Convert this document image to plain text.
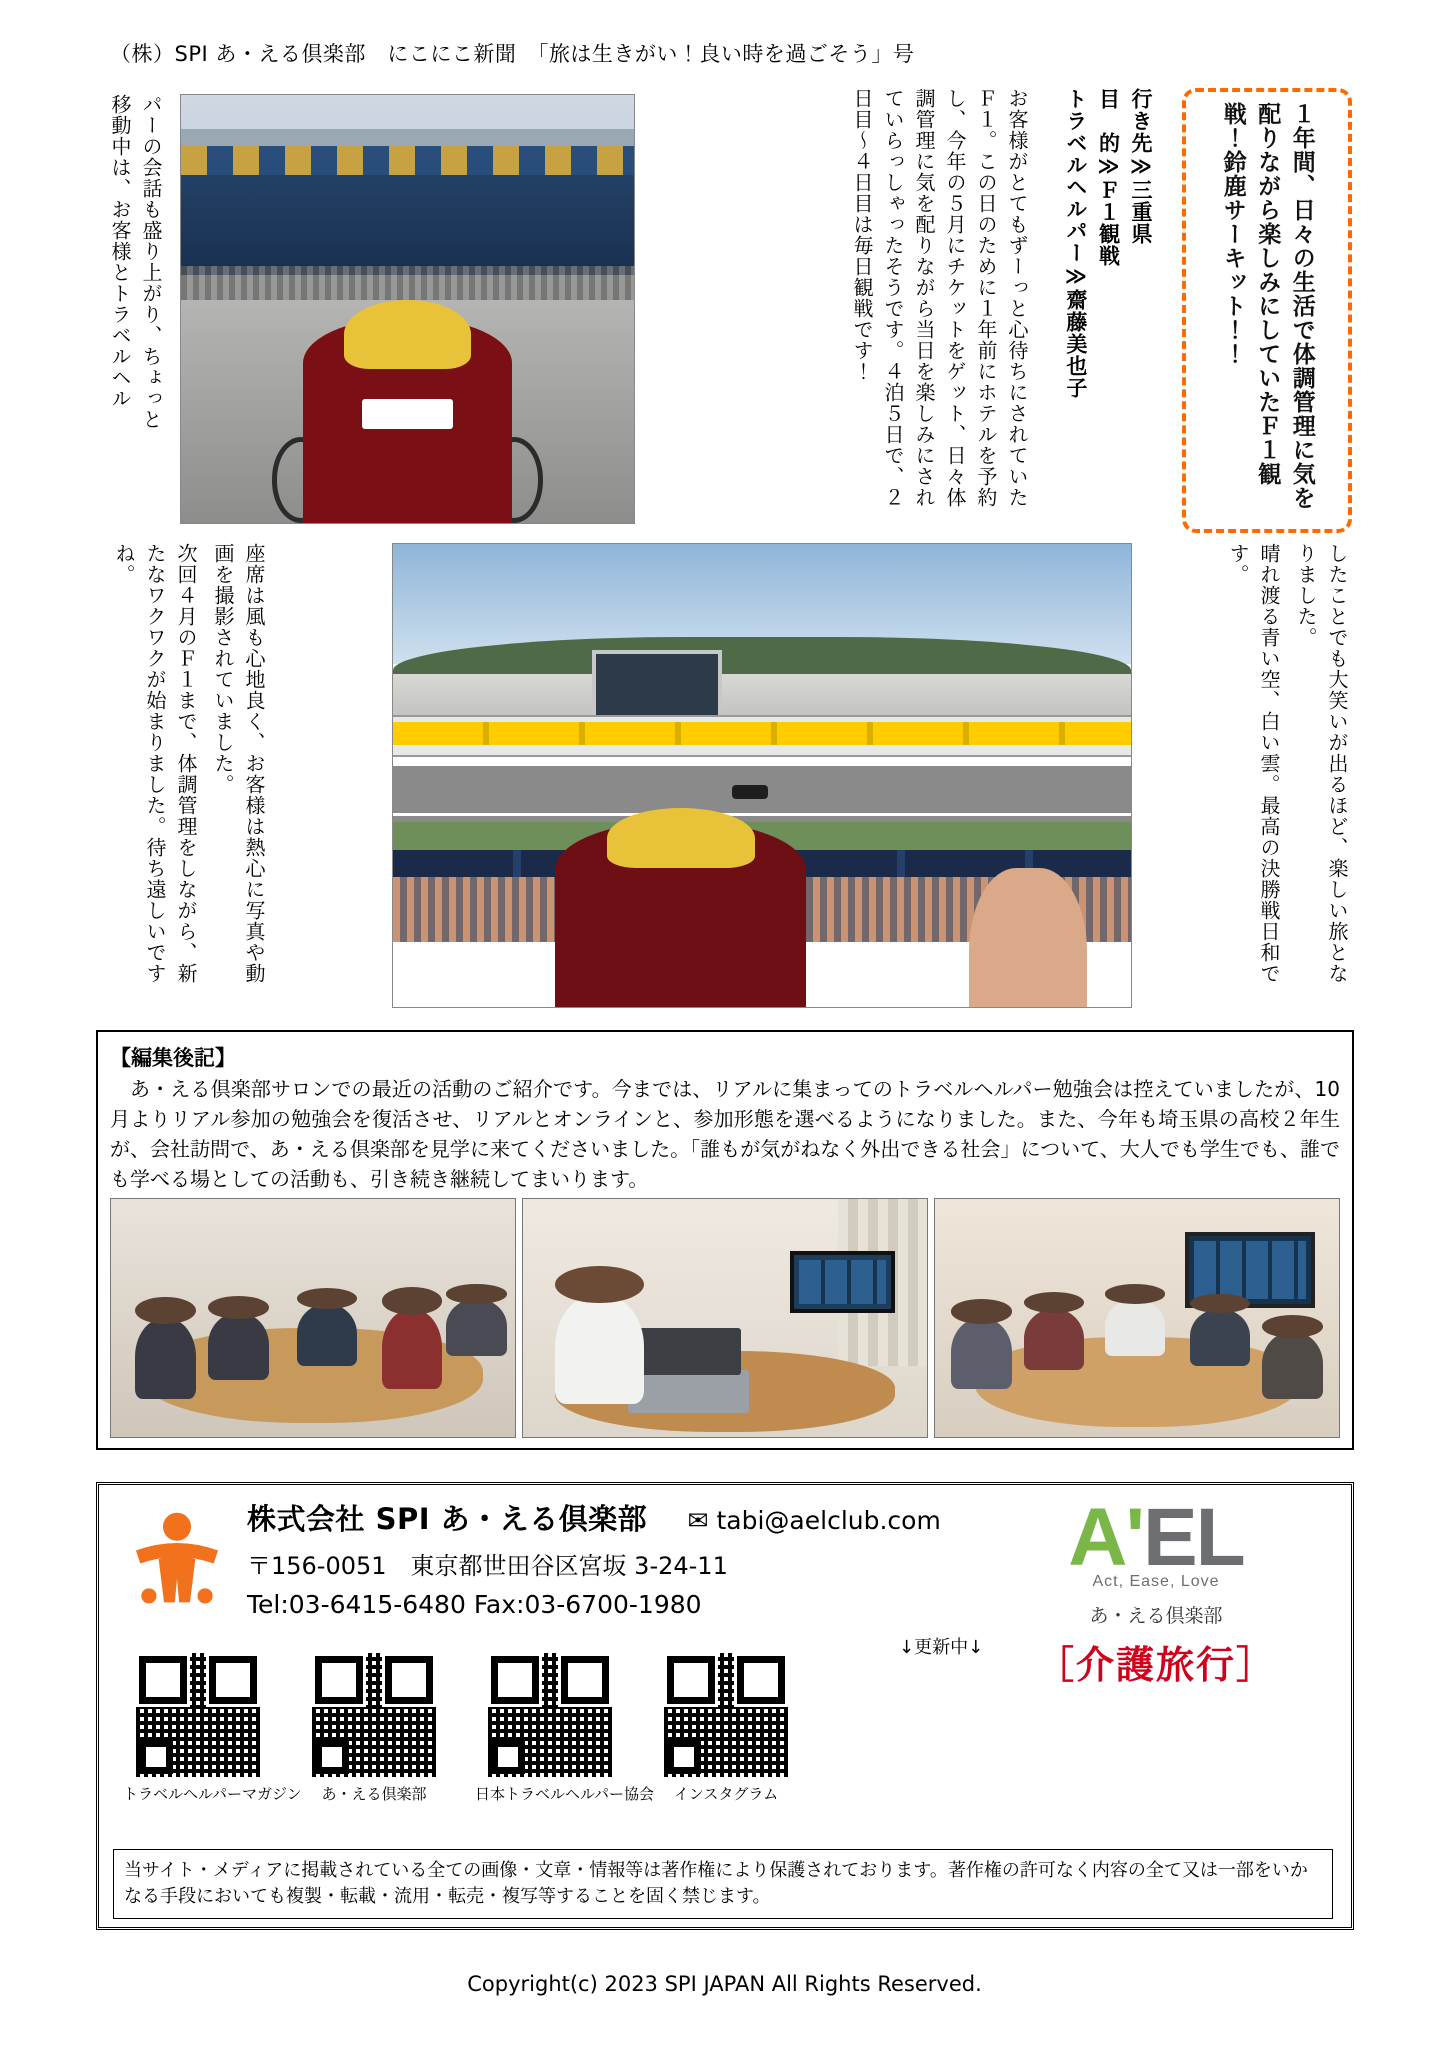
（株）SPI あ・える倶楽部　にこにこ新聞　「旅は生きがい！良い時を過ごそう」号
１年間、日々の生活で体調管理に気を配りながら楽しみにしていたＦ１観戦！鈴鹿サーキット！！
トラベルヘルパー≫齋藤美也子 目　的≫Ｆ１観戦 行き先≫三重県
お客様がとてもずーっと心待ちにされていたＦ１。この日のために１年前にホテルを予約し、今年の５月にチケットをゲット、日々体調管理に気を配りながら当日を楽しみにされていらっしゃったそうです。４泊５日で、２日目～４日目は毎日観戦です！
移動中は、お客様とトラベルヘル パーの会話も盛り上がり、ちょっと
晴れ渡る青い空、白い雲。最高の決勝戦日和です。	したことでも大笑いが出るほど、楽しい旅となりました。
次回４月のＦ１まで、体調管理をしながら、新たなワクワクが始まりました。待ち遠しいですね。	座席は風も心地良く、お客様は熱心に写真や動画を撮影されていました。
【編集後記】
あ・える倶楽部サロンでの最近の活動のご紹介です。今までは、リアルに集まってのトラベルヘルパー勉強会は控えていましたが、10月よりリアル参加の勉強会を復活させ、リアルとオンラインと、参加形態を選べるようになりました。また、今年も埼玉県の高校２年生が、会社訪問で、あ・える倶楽部を見学に来てくださいました。「誰もが気がねなく外出できる社会」について、大人でも学生でも、誰でも学べる場としての活動も、引き続き継続してまいります。
株式会社 SPI あ・える倶楽部 ✉ tabi@aelclub.com
〒156-0051　東京都世田谷区宮坂 3-24-11
Tel:03-6415-6480 Fax:03-6700-1980
A'EL
Act, Ease, Love
あ・える倶楽部
［介護旅行］
↓更新中↓
トラベルヘルパーマガジン	あ・える倶楽部	日本トラベルヘルパー協会	インスタグラム
当サイト・メディアに掲載されている全ての画像・文章・情報等は著作権により保護されております。著作権の許可なく内容の全て又は一部をいかなる手段においても複製・転載・流用・転売・複写等することを固く禁じます。
Copyright(c) 2023 SPI JAPAN All Rights Reserved.
